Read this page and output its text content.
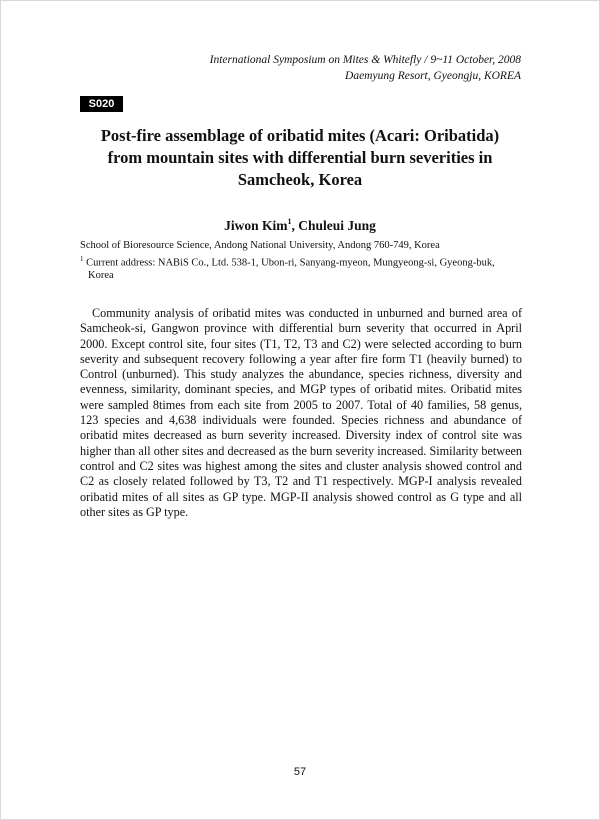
International Symposium on Mites & Whitefly / 9~11 October, 2008
Daemyung Resort, Gyeongju, KOREA
S020
Post-fire assemblage of oribatid mites (Acari: Oribatida)
from mountain sites with differential burn severities in
Samcheok, Korea
Jiwon Kim$^1$, Chuleui Jung

School of Bioresource Science, Andong National University, Andong 760-749, Korea

$^1$ Current address: NABiS Co., Ltd. 538-1, Ubon-ri, Sanyang-myeon, Mungyeong-si, Gyeong-buk, Korea

Community analysis of oribatid mites was conducted in unburned and burned area of Samcheok-si, Gangwon province with differential burn severity that occurred in April 2000. Except control site, four sites (T1, T2, T3 and C2) were selected according to burn severity and subsequent recovery following a year after fire form T1 (heavily burned) to Control (unburned). This study analyzes the abundance, species richness, diversity and evenness, similarity, dominant species, and MGP types of oribatid mites. Oribatid mites were sampled 8times from each site from 2005 to 2007. Total of 40 families, 58 genus, 123 species and 4,638 individuals were founded. Species richness and abundance of oribatid mites decreased as burn severity increased. Diversity index of control site was higher than all other sites and decreased as the burn severity increased. Similarity between control and C2 sites was highest among the sites and cluster analysis showed control and C2 as closely related followed by T3, T2 and T1 respectively. MGP-I analysis revealed oribatid mites of all sites as GP type. MGP-II analysis showed control as G type and all other sites as GP type.

57
